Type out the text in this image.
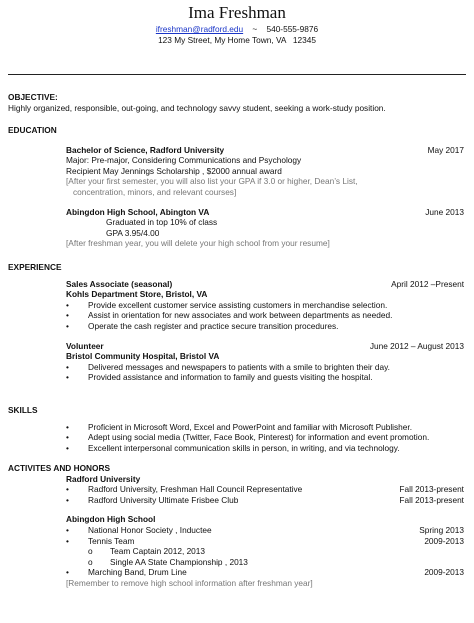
Ima Freshman
ifreshman@radford.edu ~ 540-555-9876
123 My Street, My Home Town, VA   12345
OBJECTIVE:
Highly organized, responsible, out-going, and technology savvy student, seeking a work-study position.
EDUCATION
Bachelor of Science, Radford University	May 2017
Major: Pre-major, Considering Communications and Psychology
Recipient May Jennings Scholarship , $2000 annual award
[After your first semester, you will also list your GPA if 3.0 or higher, Dean’s List,
concentration, minors, and relevant courses]
Abingdon High School, Abington VA	June 2013
Graduated in top 10% of class
GPA 3.95/4.00
[After freshman year, you will delete your high school from your resume]
EXPERIENCE
Sales Associate (seasonal)	April 2012 –Present
Kohls Department Store, Bristol, VA
•	Provide excellent customer service assisting customers in merchandise selection.
•	Assist in orientation for new associates and work between departments as needed.
•	Operate the cash register and practice secure transition procedures.
Volunteer	June 2012 – August 2013
Bristol Community Hospital, Bristol VA
•	Delivered messages and newspapers to patients with a smile to brighten their day.
•	Provided assistance and information to family and guests visiting the hospital.
SKILLS
•	Proficient in Microsoft Word, Excel and PowerPoint and familiar with Microsoft Publisher.
•	Adept using social media (Twitter, Face Book, Pinterest) for information and event promotion.
•	Excellent interpersonal communication skills in person, in writing, and via technology.
ACTIVITES AND HONORS
Radford University
•	Radford University, Freshman Hall Council Representative	Fall 2013-present
•	Radford University Ultimate Frisbee Club	Fall 2013-present
Abingdon High School
•	National Honor Society , Inductee	Spring 2013
•	Tennis Team	2009-2013
o	Team Captain 2012, 2013
o	Single AA State Championship , 2013
•	Marching Band, Drum Line	2009-2013
[Remember to remove high school information after freshman year]
